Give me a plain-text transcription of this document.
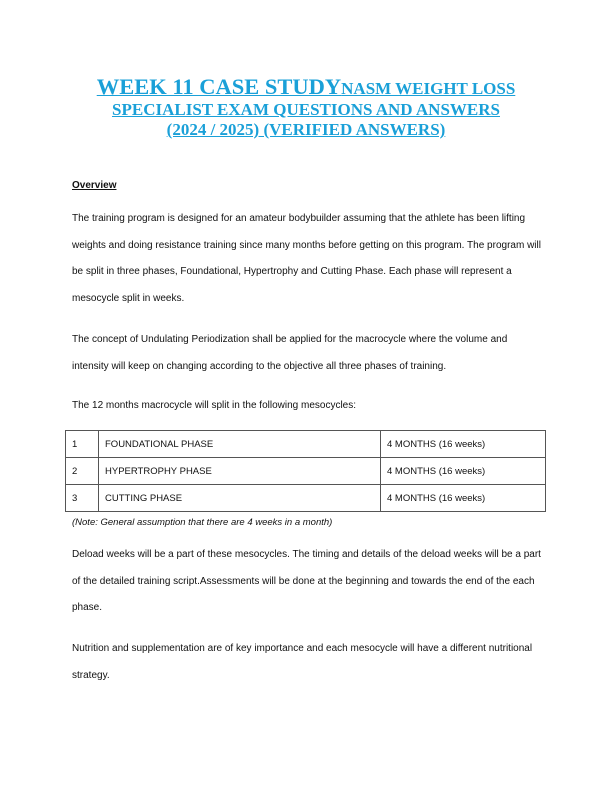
WEEK 11 CASE STUDYNASM WEIGHT LOSS
SPECIALIST EXAM QUESTIONS AND ANSWERS
(2024 / 2025) (VERIFIED ANSWERS)
Overview
The training program is designed for an amateur bodybuilder assuming that the athlete has been lifting weights and doing resistance training since many months before getting on this program. The program will be split in three phases, Foundational, Hypertrophy and Cutting Phase. Each phase will represent a mesocycle split in weeks.
The concept of Undulating Periodization shall be applied for the macrocycle where the volume and intensity will keep on changing according to the objective all three phases of training.
The 12 months macrocycle will split in the following mesocycles:
1	FOUNDATIONAL PHASE	4 MONTHS (16 weeks)
2	HYPERTROPHY PHASE	4 MONTHS (16 weeks)
3	CUTTING PHASE	4 MONTHS (16 weeks)
(Note: General assumption that there are 4 weeks in a month)
Deload weeks will be a part of these mesocycles. The timing and details of the deload weeks will be a part of the detailed training script.Assessments will be done at the beginning and towards the end of the each phase.
Nutrition and supplementation are of key importance and each mesocycle will have a different nutritional strategy.
